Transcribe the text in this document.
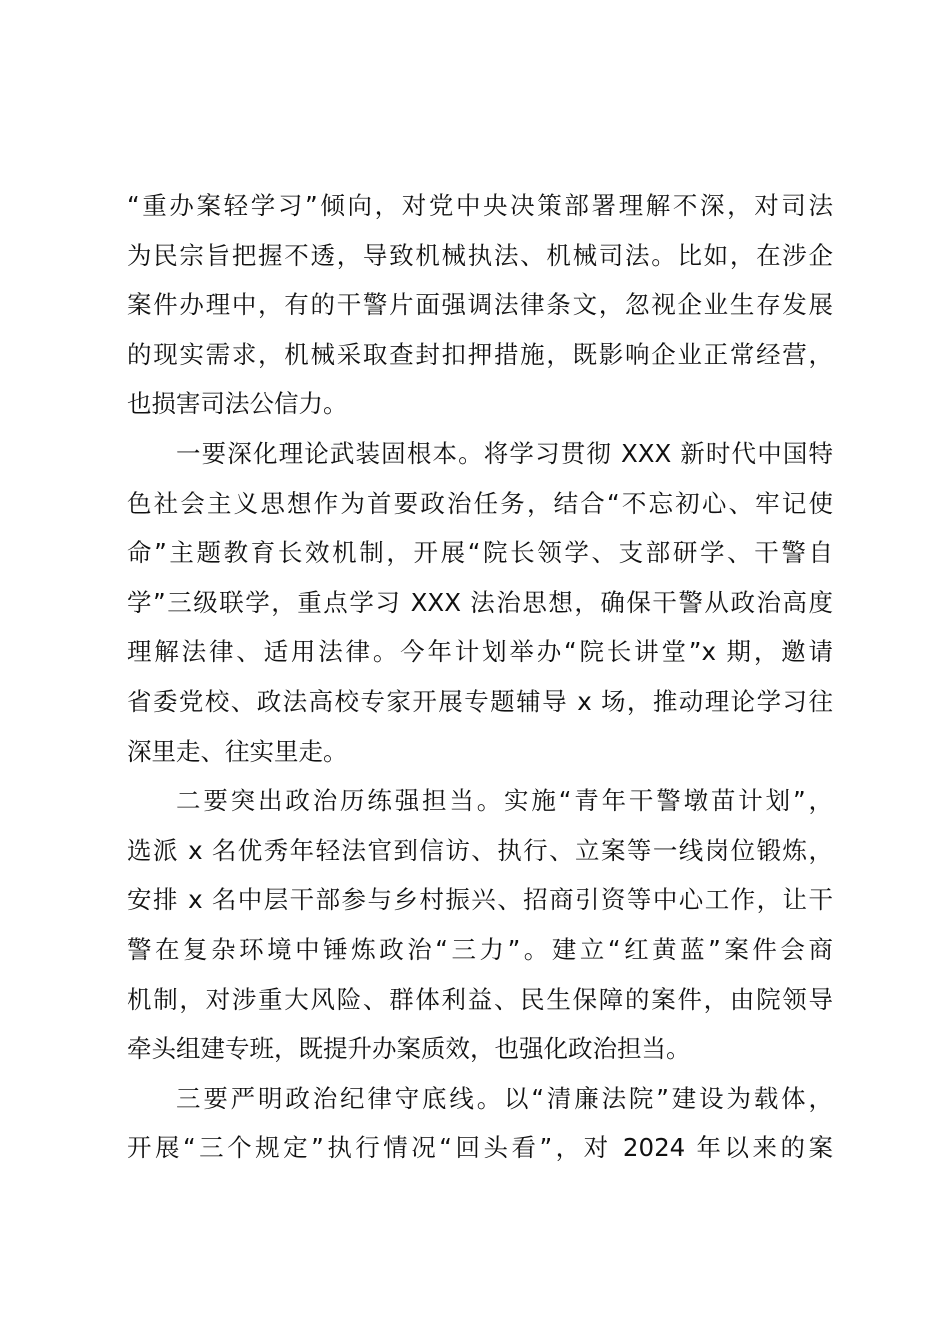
“重办案轻学习”倾向，对党中央决策部署理解不深，对司法
为民宗旨把握不透，导致机械执法、机械司法。比如，在涉企
案件办理中，有的干警片面强调法律条文，忽视企业生存发展
的现实需求，机械采取查封扣押措施，既影响企业正常经营，
也损害司法公信力。
一要深化理论武装固根本。将学习贯彻 XXX 新时代中国特
色社会主义思想作为首要政治任务，结合“不忘初心、牢记使
命”主题教育长效机制，开展“院长领学、支部研学、干警自
学”三级联学，重点学习 XXX 法治思想，确保干警从政治高度
理解法律、适用法律。今年计划举办“院长讲堂”x 期，邀请
省委党校、政法高校专家开展专题辅导 x 场，推动理论学习往
深里走、往实里走。
二要突出政治历练强担当。实施“青年干警墩苗计划”，
选派 x 名优秀年轻法官到信访、执行、立案等一线岗位锻炼，
安排 x 名中层干部参与乡村振兴、招商引资等中心工作，让干
警在复杂环境中锤炼政治“三力”。建立“红黄蓝”案件会商
机制，对涉重大风险、群体利益、民生保障的案件，由院领导
牵头组建专班，既提升办案质效，也强化政治担当。
三要严明政治纪律守底线。以“清廉法院”建设为载体，
开展“三个规定”执行情况“回头看”，对 2024 年以来的案
